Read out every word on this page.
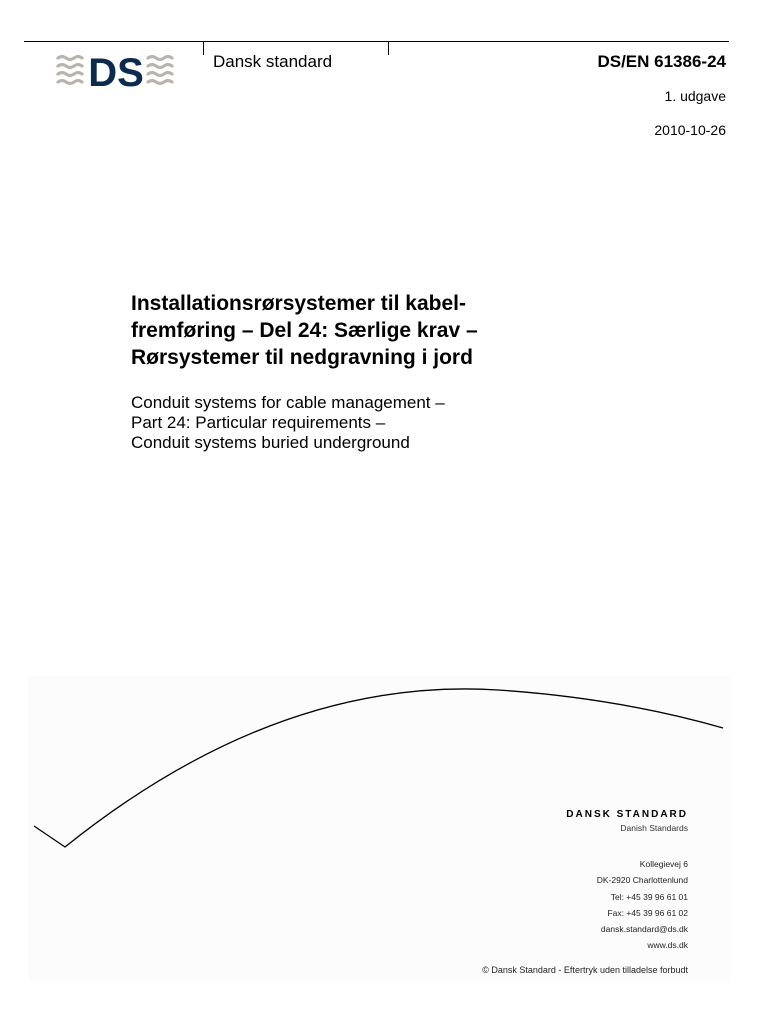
DS	Dansk standard	DS/EN 61386-24
1. udgave
2010-10-26
Installationsrørsystemer til kabel-
fremføring – Del 24: Særlige krav –
Rørsystemer til nedgravning i jord
Conduit systems for cable management –
Part 24: Particular requirements –
Conduit systems buried underground
DANSK STANDARD
Danish Standards
Kollegievej 6
DK-2920 Charlottenlund
Tel: +45 39 96 61 01
Fax: +45 39 96 61 02
dansk.standard@ds.dk
www.ds.dk
© Dansk Standard - Eftertryk uden tilladelse forbudt
